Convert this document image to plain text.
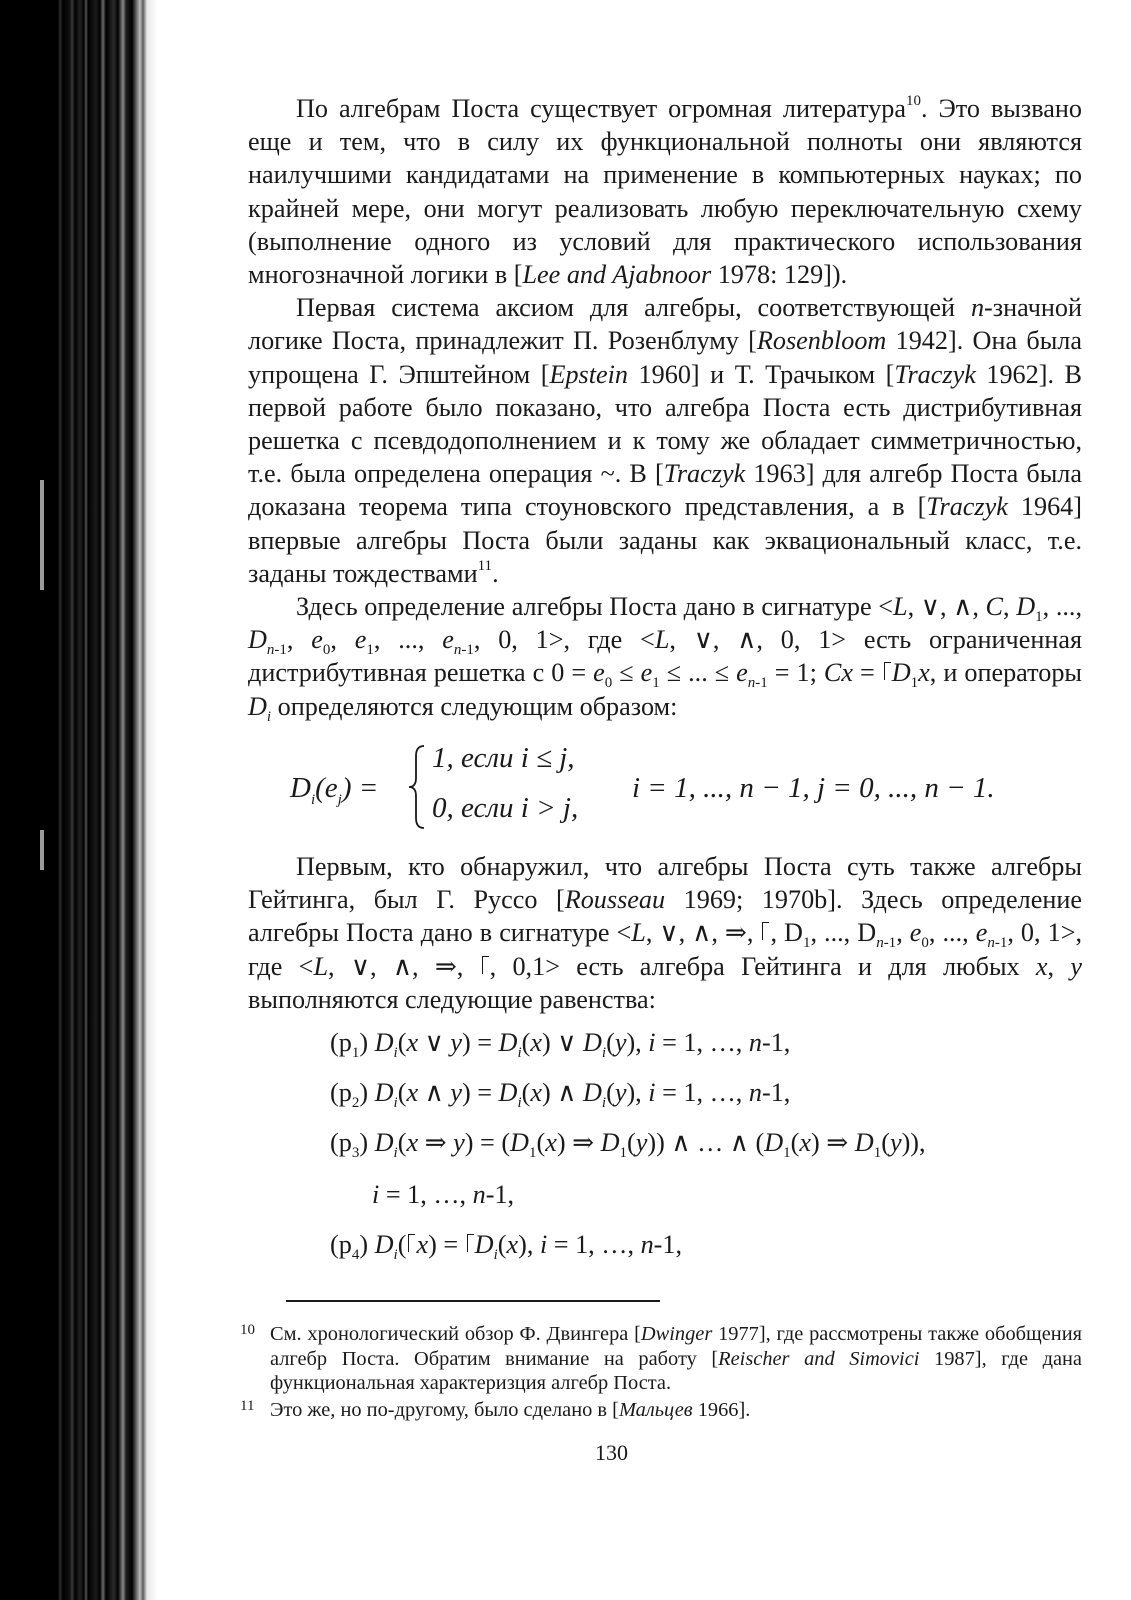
По алгебрам Поста существует огромная литература$^{10}$. Это вызвано еще и тем, что в силу их функциональной полноты они являются наилучшими кандидатами на применение в компьютерных науках; по крайней мере, они могут реализовать любую переключательную схему (выполнение одного из условий для практического использования многозначной логики в [Lee and Ajabnoor 1978: 129]).

Первая система аксиом для алгебры, соответствующей n-значной логике Поста, принадлежит П. Розенблуму [Rosenbloom 1942]. Она была упрощена Г. Эпштейном [Epstein 1960] и Т. Трачыком [Traczyk 1962]. В первой работе было показано, что алгебра Поста есть дистрибутивная решетка с псевдодополнением и к тому же обладает симметричностью, т.е. была определена операция ~. В [Traczyk 1963] для алгебр Поста была доказана теорема типа стоуновского представления, а в [Traczyk 1964] впервые алгебры Поста были заданы как эквациональный класс, т.е. заданы тождествами$^{11}$.

Здесь определение алгебры Поста дано в сигнатуре <L, ∨, ∧, C, $D_1$, ..., $D_{n-1}$, $e_0$, $e_1$, ..., $e_{n-1}$, 0, 1>, где <L, ∨, ∧, 0, 1> есть ограниченная дистрибутивная решетка с $0 = e_0 \le e_1$ ≤ ... ≤ $e_{n-1} = 1$; $Cx = D_1x$, и операторы $D_i$ определяются следующим образом:

$D_i(e_j)$ =
1, если i ≤ j,
0, если i > j,
i = 1, ..., n − 1, j = 0, ..., n − 1.

Первым, кто обнаружил, что алгебры Поста суть также алгебры Гейтинга, был Г. Руссо [Rousseau 1969; 1970b]. Здесь определение алгебры Поста дано в сигнатуре <L, ∨, ∧, ⇒, , $D_1$, ..., $D_{n-1}$, $e_0$, ..., $e_{n-1}$, 0, 1>, где <L, ∨, ∧, ⇒, , 0,1> есть алгебра Гейтинга и для любых x, y выполняются следующие равенства:

$(p_1)$ $D_i(x$ ∨ $y) = D_i(x)$ ∨ $D_i(y)$, i = 1, …, n-1,
$(p_2)$ $D_i(x$ ∧ $y) = D_i(x)$ ∧ $D_i(y)$, i = 1, …, n-1,
$(p_3)$ $D_i(x$ ⇒ $y) = (D_1(x)$ ⇒ $D_1(y)$) ∧ … ∧ ($D_1(x)$ ⇒ $D_1(y)$),
i = 1, …, n-1,
$(p_4)$ $D_i$( $x) = D_i(x)$, i = 1, …, n-1,
10 См. хронологический обзор Ф. Двингера [Dwinger 1977], где рассмотрены также обобщения алгебр Поста. Обратим внимание на работу [Reischer and Simovici 1987], где дана функциональная характеризция алгебр Поста.
11 Это же, но по-другому, было сделано в [Мальцев 1966].
130
